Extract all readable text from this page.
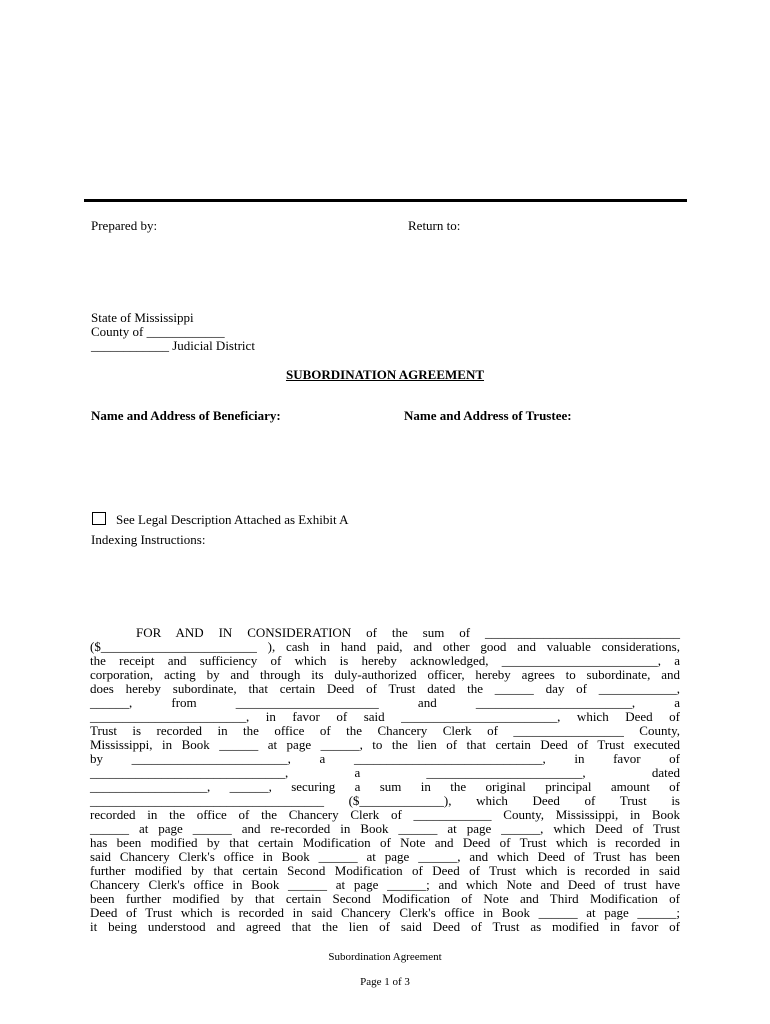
Prepared by:	Return to:
State of Mississippi
County of ____________
____________ Judicial District
SUBORDINATION AGREEMENT
Name and Address of Beneficiary:	Name and Address of Trustee:
See Legal Description Attached as Exhibit A
Indexing Instructions:
FOR AND IN CONSIDERATION of the sum of ______________________________
($________________________ ), cash in hand paid, and other good and valuable considerations,
the receipt and sufficiency of which is hereby acknowledged, ________________________, a
corporation, acting by and through its duly-authorized officer, hereby agrees to subordinate, and
does hereby subordinate, that certain Deed of Trust dated the ______ day of ____________,
______, from ______________________ and ________________________, a
________________________, in favor of said ________________________, which Deed of
Trust is recorded in the office of the Chancery Clerk of _________________ County,
Mississippi, in Book ______ at page ______, to the lien of that certain Deed of Trust executed
by ________________________, a _____________________________, in favor of
______________________________, a ________________________, dated
__________________, ______, securing a sum in the original principal amount of
____________________________________ ($_____________), which Deed of Trust is
recorded in the office of the Chancery Clerk of ____________ County, Mississippi, in Book
______ at page ______ and re-recorded in Book ______ at page ______, which Deed of Trust
has been modified by that certain Modification of Note and Deed of Trust which is recorded in
said Chancery Clerk's office in Book ______ at page ______, and which Deed of Trust has been
further modified by that certain Second Modification of Deed of Trust which is recorded in said
Chancery Clerk's office in Book ______ at page ______; and which Note and Deed of trust have
been further modified by that certain Second Modification of Note and Third Modification of
Deed of Trust which is recorded in said Chancery Clerk's office in Book ______ at page ______;
it being understood and agreed that the lien of said Deed of Trust as modified in favor of
Subordination Agreement
Page 1 of 3
